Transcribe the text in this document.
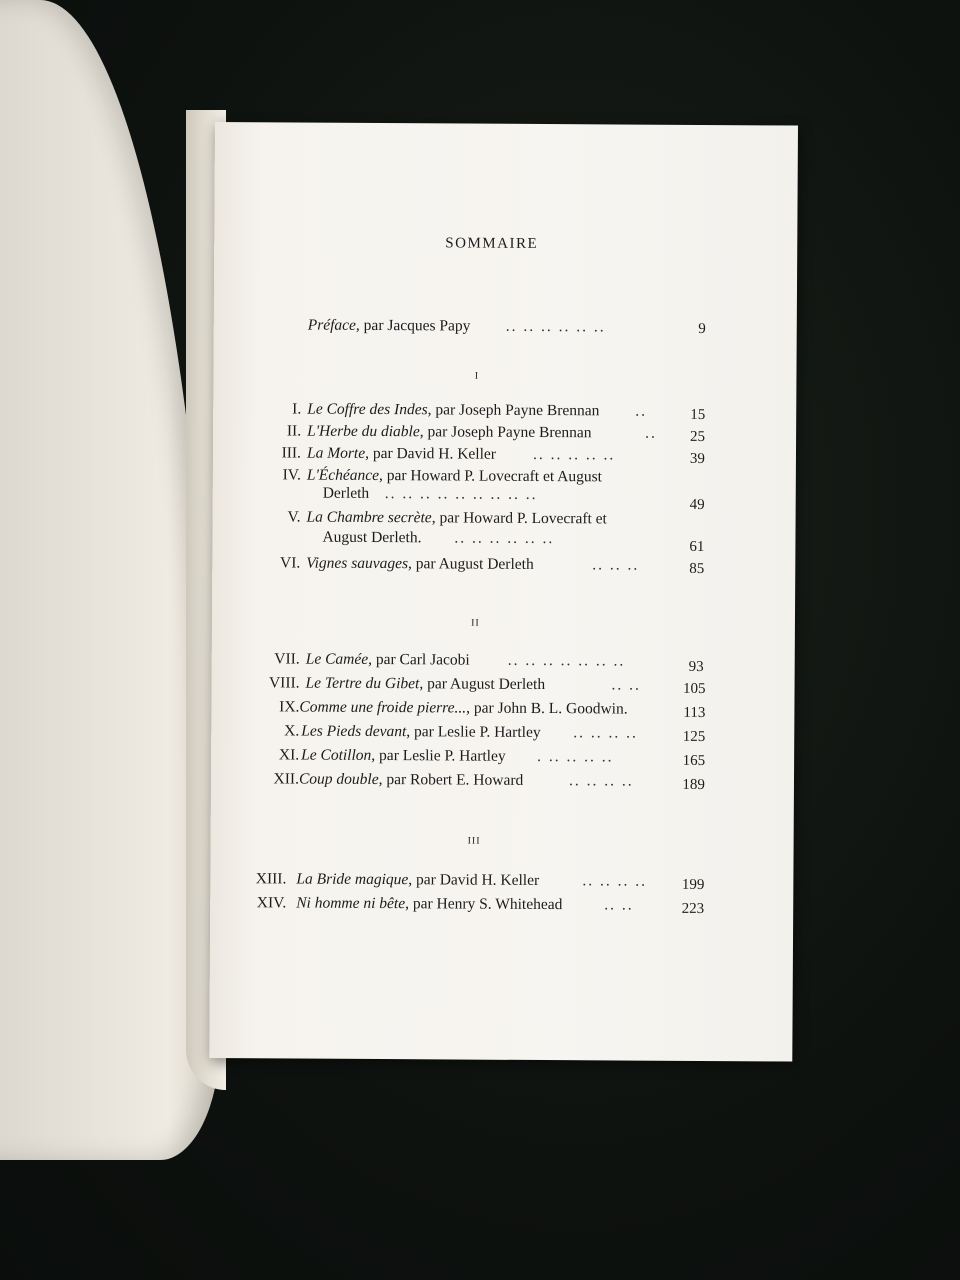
SOMMAIRE
Préface, par Jacques Papy .. .. .. .. .. ..	9
I
I. Le Coffre des Indes, par Joseph Payne Brennan ..	15
II. L'Herbe du diable, par Joseph Payne Brennan	..	25
III. La Morte, par David H. Keller .. .. .. .. ..	39
IV. L'Échéance, par Howard P. Lovecraft et August
Derleth .. .. .. .. .. .. .. .. ..
49
V. La Chambre secrète, par Howard P. Lovecraft et
August Derleth. .. .. .. .. .. ..	61
VI. Vignes sauvages, par August Derleth	.. .. ..	85
II
VII. Le Camée, par Carl Jacobi .. .. .. .. .. .. ..	93
VIII. Le Tertre du Gibet, par August Derleth	.. ..	105
IX. Comme une froide pierre..., par John B. L. Goodwin.	113
X. Les Pieds devant, par Leslie P. Hartley .. .. .. ..	125
XI. Le Cotillon, par Leslie P. Hartley . .. .. .. ..	165
XII. Coup double, par Robert E. Howard	.. .. .. ..	189
III
XIII. La Bride magique, par David H. Keller	.. .. .. ..	199
XIV. Ni homme ni bête, par Henry S. Whitehead	.. ..	223
